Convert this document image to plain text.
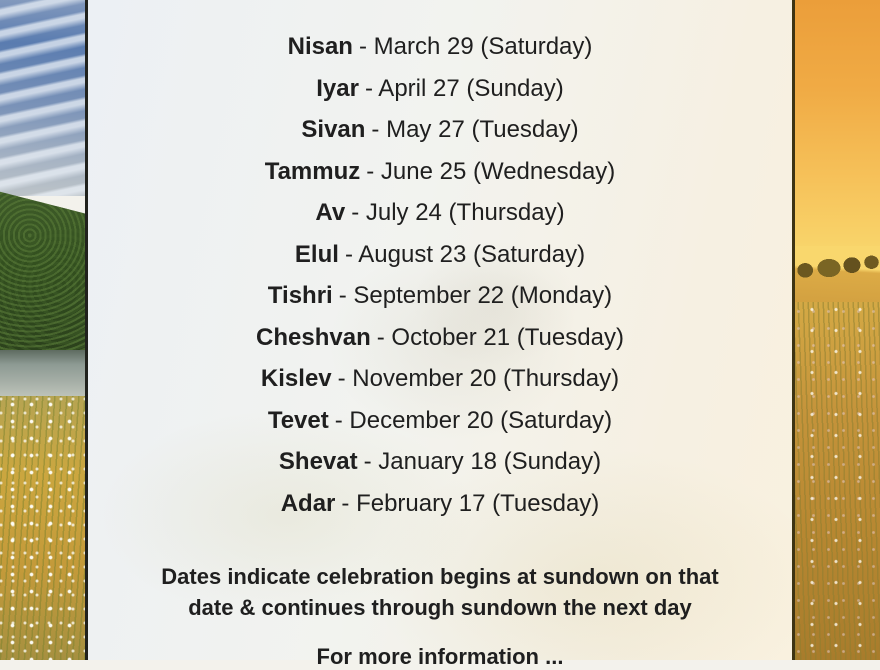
Nisan - March 29 (Saturday)
Iyar - April 27 (Sunday)
Sivan - May 27 (Tuesday)
Tammuz - June 25 (Wednesday)
Av - July 24 (Thursday)
Elul - August 23 (Saturday)
Tishri - September 22 (Monday)
Cheshvan - October 21 (Tuesday)
Kislev - November 20 (Thursday)
Tevet - December 20 (Saturday)
Shevat - January 18 (Sunday)
Adar - February 17 (Tuesday)
Dates indicate celebration begins at sundown on that
date & continues through sundown the next day
For more information ...
